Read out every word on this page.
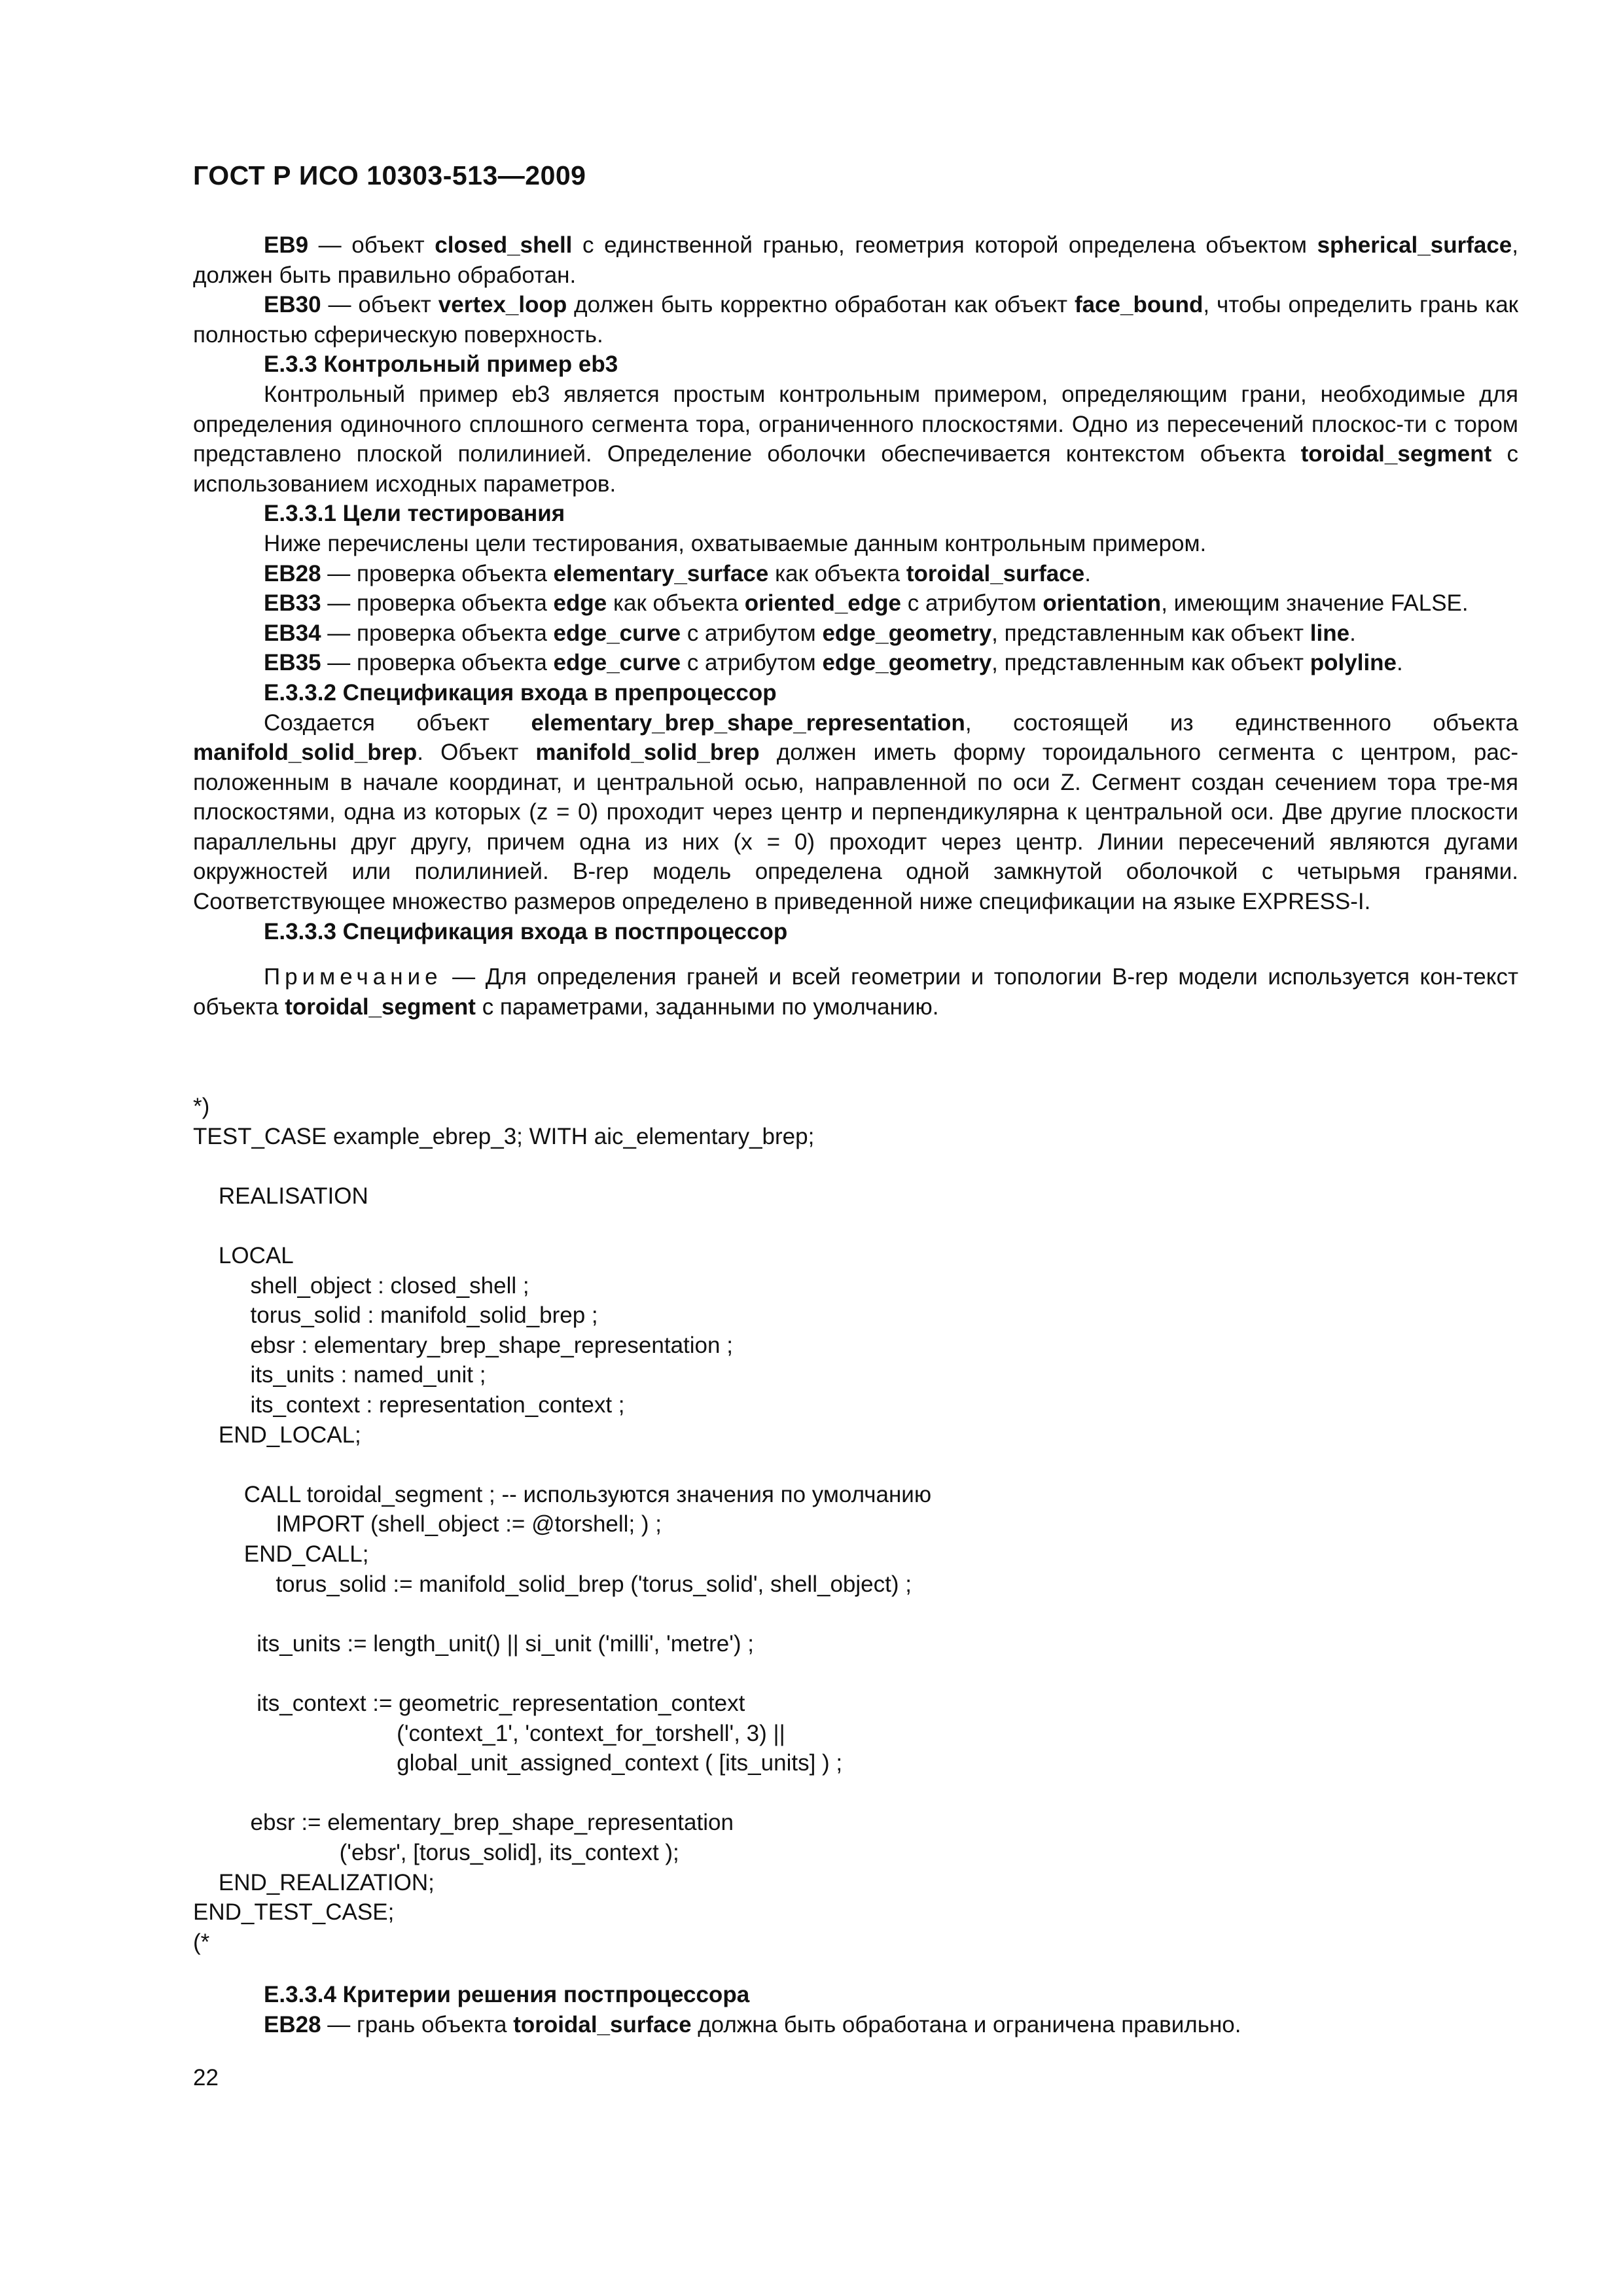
ГОСТ Р ИСО 10303-513—2009

EB9 — объект closed_shell с единственной гранью, геометрия которой определена объектом spherical_surface, должен быть правильно обработан.

EB30 — объект vertex_loop должен быть корректно обработан как объект face_bound, чтобы определить грань как полностью сферическую поверхность.

E.3.3 Контрольный пример eb3

Контрольный пример eb3 является простым контрольным примером, определяющим грани, необходимые для определения одиночного сплошного сегмента тора, ограниченного плоскостями. Одно из пересечений плоскос-ти с тором представлено плоской полилинией. Определение оболочки обеспечивается контекстом объекта toroidal_segment с использованием исходных параметров.

E.3.3.1 Цели тестирования

Ниже перечислены цели тестирования, охватываемые данным контрольным примером.

EB28 — проверка объекта elementary_surface как объекта toroidal_surface.

EB33 — проверка объекта edge как объекта oriented_edge с атрибутом orientation, имеющим значение FALSE.

EB34 — проверка объекта edge_curve с атрибутом edge_geometry, представленным как объект line.

EB35 — проверка объекта edge_curve с атрибутом edge_geometry, представленным как объект polyline.

E.3.3.2 Спецификация входа в препроцессор

Создается объект elementary_brep_shape_representation, состоящей из единственного объекта manifold_solid_brep. Объект manifold_solid_brep должен иметь форму тороидального сегмента с центром, рас-положенным в начале координат, и центральной осью, направленной по оси Z. Сегмент создан сечением тора тре-мя плоскостями, одна из которых (z = 0) проходит через центр и перпендикулярна к центральной оси. Две другие плоскости параллельны друг другу, причем одна из них (x = 0) проходит через центр. Линии пересечений являются дугами окружностей или полилинией. B-rep модель определена одной замкнутой оболочкой с четырьмя гранями. Соответствующее множество размеров определено в приведенной ниже спецификации на языке EXPRESS-I.

E.3.3.3 Спецификация входа в постпроцессор

Примечание — Для определения граней и всей геометрии и топологии B-rep модели используется кон-текст объекта toroidal_segment с параметрами, заданными по умолчанию.

*)
TEST_CASE example_ebrep_3; WITH aic_elementary_brep;
REALISATION
LOCAL
shell_object : closed_shell ;
torus_solid : manifold_solid_brep ;
ebsr : elementary_brep_shape_representation ;
its_units : named_unit ;
its_context : representation_context ;
END_LOCAL;
CALL toroidal_segment ; -- используются значения по умолчанию
IMPORT (shell_object := @torshell; ) ;
END_CALL;
torus_solid := manifold_solid_brep ('torus_solid', shell_object) ;
its_units := length_unit() || si_unit ('milli', 'metre') ;
its_context := geometric_representation_context
('context_1', 'context_for_torshell', 3) ||
global_unit_assigned_context ( [its_units] ) ;
ebsr := elementary_brep_shape_representation
('ebsr', [torus_solid], its_context );
END_REALIZATION;
END_TEST_CASE;
(*

E.3.3.4 Критерии решения постпроцессора

EB28 — грань объекта toroidal_surface должна быть обработана и ограничена правильно.

22
